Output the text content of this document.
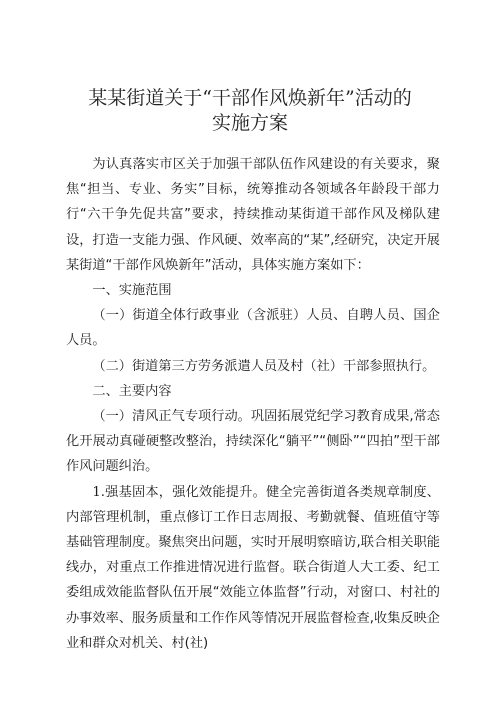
某某街道关于“干部作风焕新年”活动的
实施方案

为认真落实市区关于加强干部队伍作风建设的有关要求，聚焦“担当、专业、务实”目标，统筹推动各领域各年龄段干部力行“六干争先促共富”要求，持续推动某街道干部作风及梯队建设，打造一支能力强、作风硬、效率高的“某”,经研究，决定开展某街道“干部作风焕新年”活动，具体实施方案如下：

一、实施范围

（一）街道全体行政事业（含派驻）人员、自聘人员、国企人员。

（二）街道第三方劳务派遣人员及村（社）干部参照执行。

二、主要内容

（一）清风正气专项行动。巩固拓展党纪学习教育成果,常态化开展动真碰硬整改整治，持续深化“躺平”“侧卧”“四拍”型干部作风问题纠治。

1.强基固本，强化效能提升。健全完善街道各类规章制度、内部管理机制，重点修订工作日志周报、考勤就餐、值班值守等基础管理制度。聚焦突出问题，实时开展明察暗访,联合相关职能线办，对重点工作推进情况进行监督。联合街道人大工委、纪工委组成效能监督队伍开展“效能立体监督”行动，对窗口、村社的办事效率、服务质量和工作作风等情况开展监督检查,收集反映企业和群众对机关、村(社)
